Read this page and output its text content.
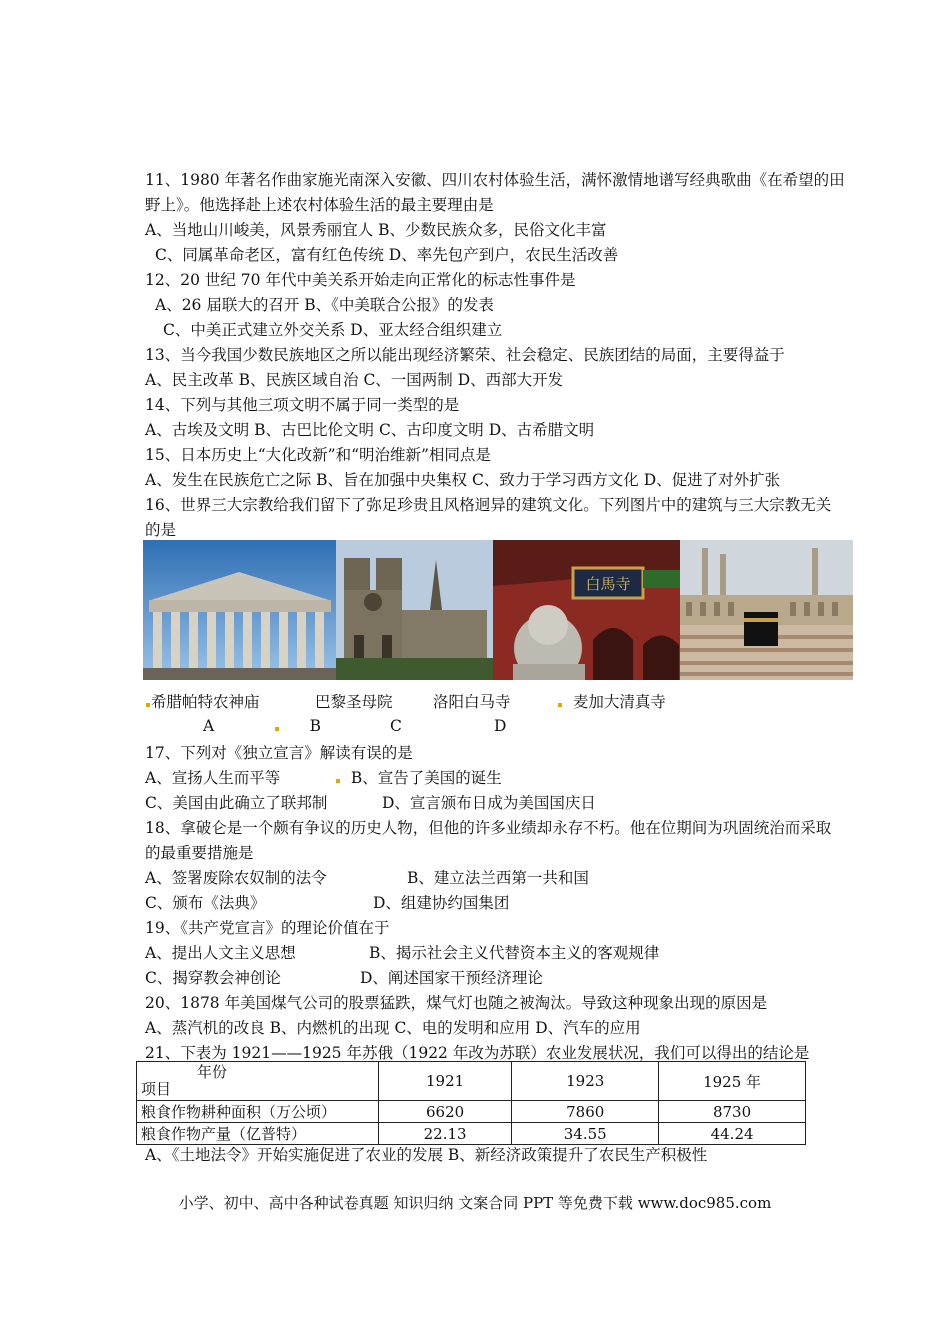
11、1980 年著名作曲家施光南深入安徽、四川农村体验生活，满怀激情地谱写经典歌曲《在希望的田
野上》。他选择赴上述农村体验生活的最主要理由是
A、当地山川峻美，风景秀丽宜人 B、少数民族众多，民俗文化丰富
C、同属革命老区，富有红色传统 D、率先包产到户，农民生活改善
12、20 世纪 70 年代中美关系开始走向正常化的标志性事件是
A、26 届联大的召开 B、《中美联合公报》的发表
C、中美正式建立外交关系 D、亚太经合组织建立
13、当今我国少数民族地区之所以能出现经济繁荣、社会稳定、民族团结的局面，主要得益于
A、民主改革 B、民族区域自治 C、一国两制 D、西部大开发
14、下列与其他三项文明不属于同一类型的是
A、古埃及文明 B、古巴比伦文明 C、古印度文明 D、古希腊文明
15、日本历史上“大化改新”和“明治维新”相同点是
A、发生在民族危亡之际 B、旨在加强中央集权 C、致力于学习西方文化 D、促进了对外扩张
16、世界三大宗教给我们留下了弥足珍贵且风格迥异的建筑文化。下列图片中的建筑与三大宗教无关
的是
白馬寺
希腊帕特农神庙	巴黎圣母院	洛阳白马寺	麦加大清真寺
A	B	C	D
17、下列对《独立宣言》解读有误的是
A、宣扬人生而平等	B、宣告了美国的诞生
C、美国由此确立了联邦制	D、宣言颁布日成为美国国庆日
18、拿破仑是一个颇有争议的历史人物，但他的许多业绩却永存不朽。他在位期间为巩固统治而采取
的最重要措施是
A、签署废除农奴制的法令	B、建立法兰西第一共和国
C、颁布《法典》	D、组建协约国集团
19、《共产党宣言》的理论价值在于
A、提出人文主义思想	B、揭示社会主义代替资本主义的客观规律
C、揭穿教会神创论	D、阐述国家干预经济理论
20、1878 年美国煤气公司的股票猛跌，煤气灯也随之被淘汰。导致这种现象出现的原因是
A、蒸汽机的改良 B、内燃机的出现 C、电的发明和应用 D、汽车的应用
21、下表为 1921——1925 年苏俄（1922 年改为苏联）农业发展状况，我们可以得出的结论是
年份
项目	1921	1923	1925 年
粮食作物耕种面积（万公顷）	6620	7860	8730
粮食作物产量（亿普特）	22.13	34.55	44.24
A、《土地法令》开始实施促进了农业的发展 B、新经济政策提升了农民生产积极性
小学、初中、高中各种试卷真题 知识归纳 文案合同 PPT 等免费下载 www.doc985.com
